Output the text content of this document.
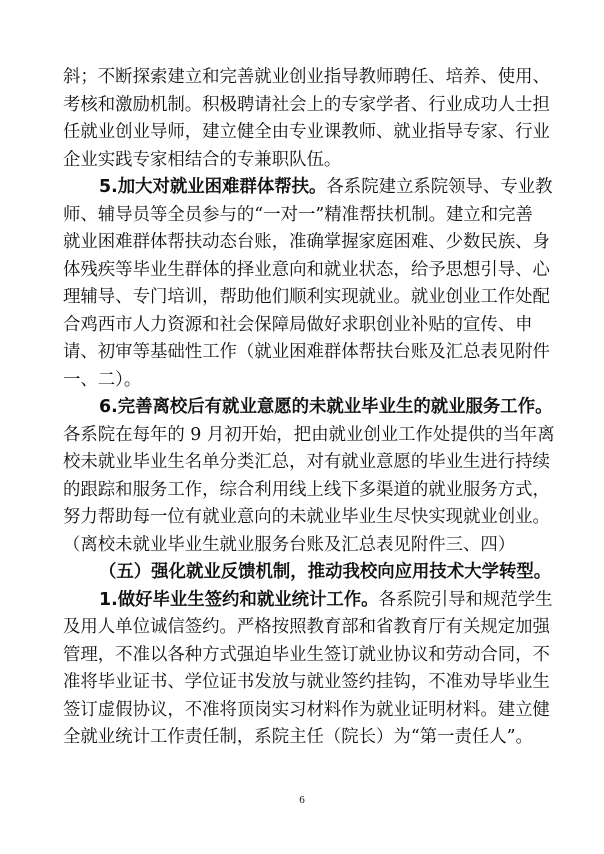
斜；不断探索建立和完善就业创业指导教师聘任、培养、使用、
考核和激励机制。积极聘请社会上的专家学者、行业成功人士担
任就业创业导师，建立健全由专业课教师、就业指导专家、行业
企业实践专家相结合的专兼职队伍。
5.加大对就业困难群体帮扶。各系院建立系院领导、专业教
师、辅导员等全员参与的“一对一”精准帮扶机制。建立和完善
就业困难群体帮扶动态台账，准确掌握家庭困难、少数民族、身
体残疾等毕业生群体的择业意向和就业状态，给予思想引导、心
理辅导、专门培训，帮助他们顺利实现就业。就业创业工作处配
合鸡西市人力资源和社会保障局做好求职创业补贴的宣传、申
请、初审等基础性工作（就业困难群体帮扶台账及汇总表见附件
一、二）。
6.完善离校后有就业意愿的未就业毕业生的就业服务工作。
各系院在每年的 9 月初开始，把由就业创业工作处提供的当年离
校未就业毕业生名单分类汇总，对有就业意愿的毕业生进行持续
的跟踪和服务工作，综合利用线上线下多渠道的就业服务方式，
努力帮助每一位有就业意向的未就业毕业生尽快实现就业创业。
（离校未就业毕业生就业服务台账及汇总表见附件三、四）
（五）强化就业反馈机制，推动我校向应用技术大学转型。
1.做好毕业生签约和就业统计工作。各系院引导和规范学生
6
及用人单位诚信签约。严格按照教育部和省教育厅有关规定加强
管理，不准以各种方式强迫毕业生签订就业协议和劳动合同，不
准将毕业证书、学位证书发放与就业签约挂钩，不准劝导毕业生
签订虚假协议，不准将顶岗实习材料作为就业证明材料。建立健
全就业统计工作责任制，系院主任（院长）为“第一责任人”。
